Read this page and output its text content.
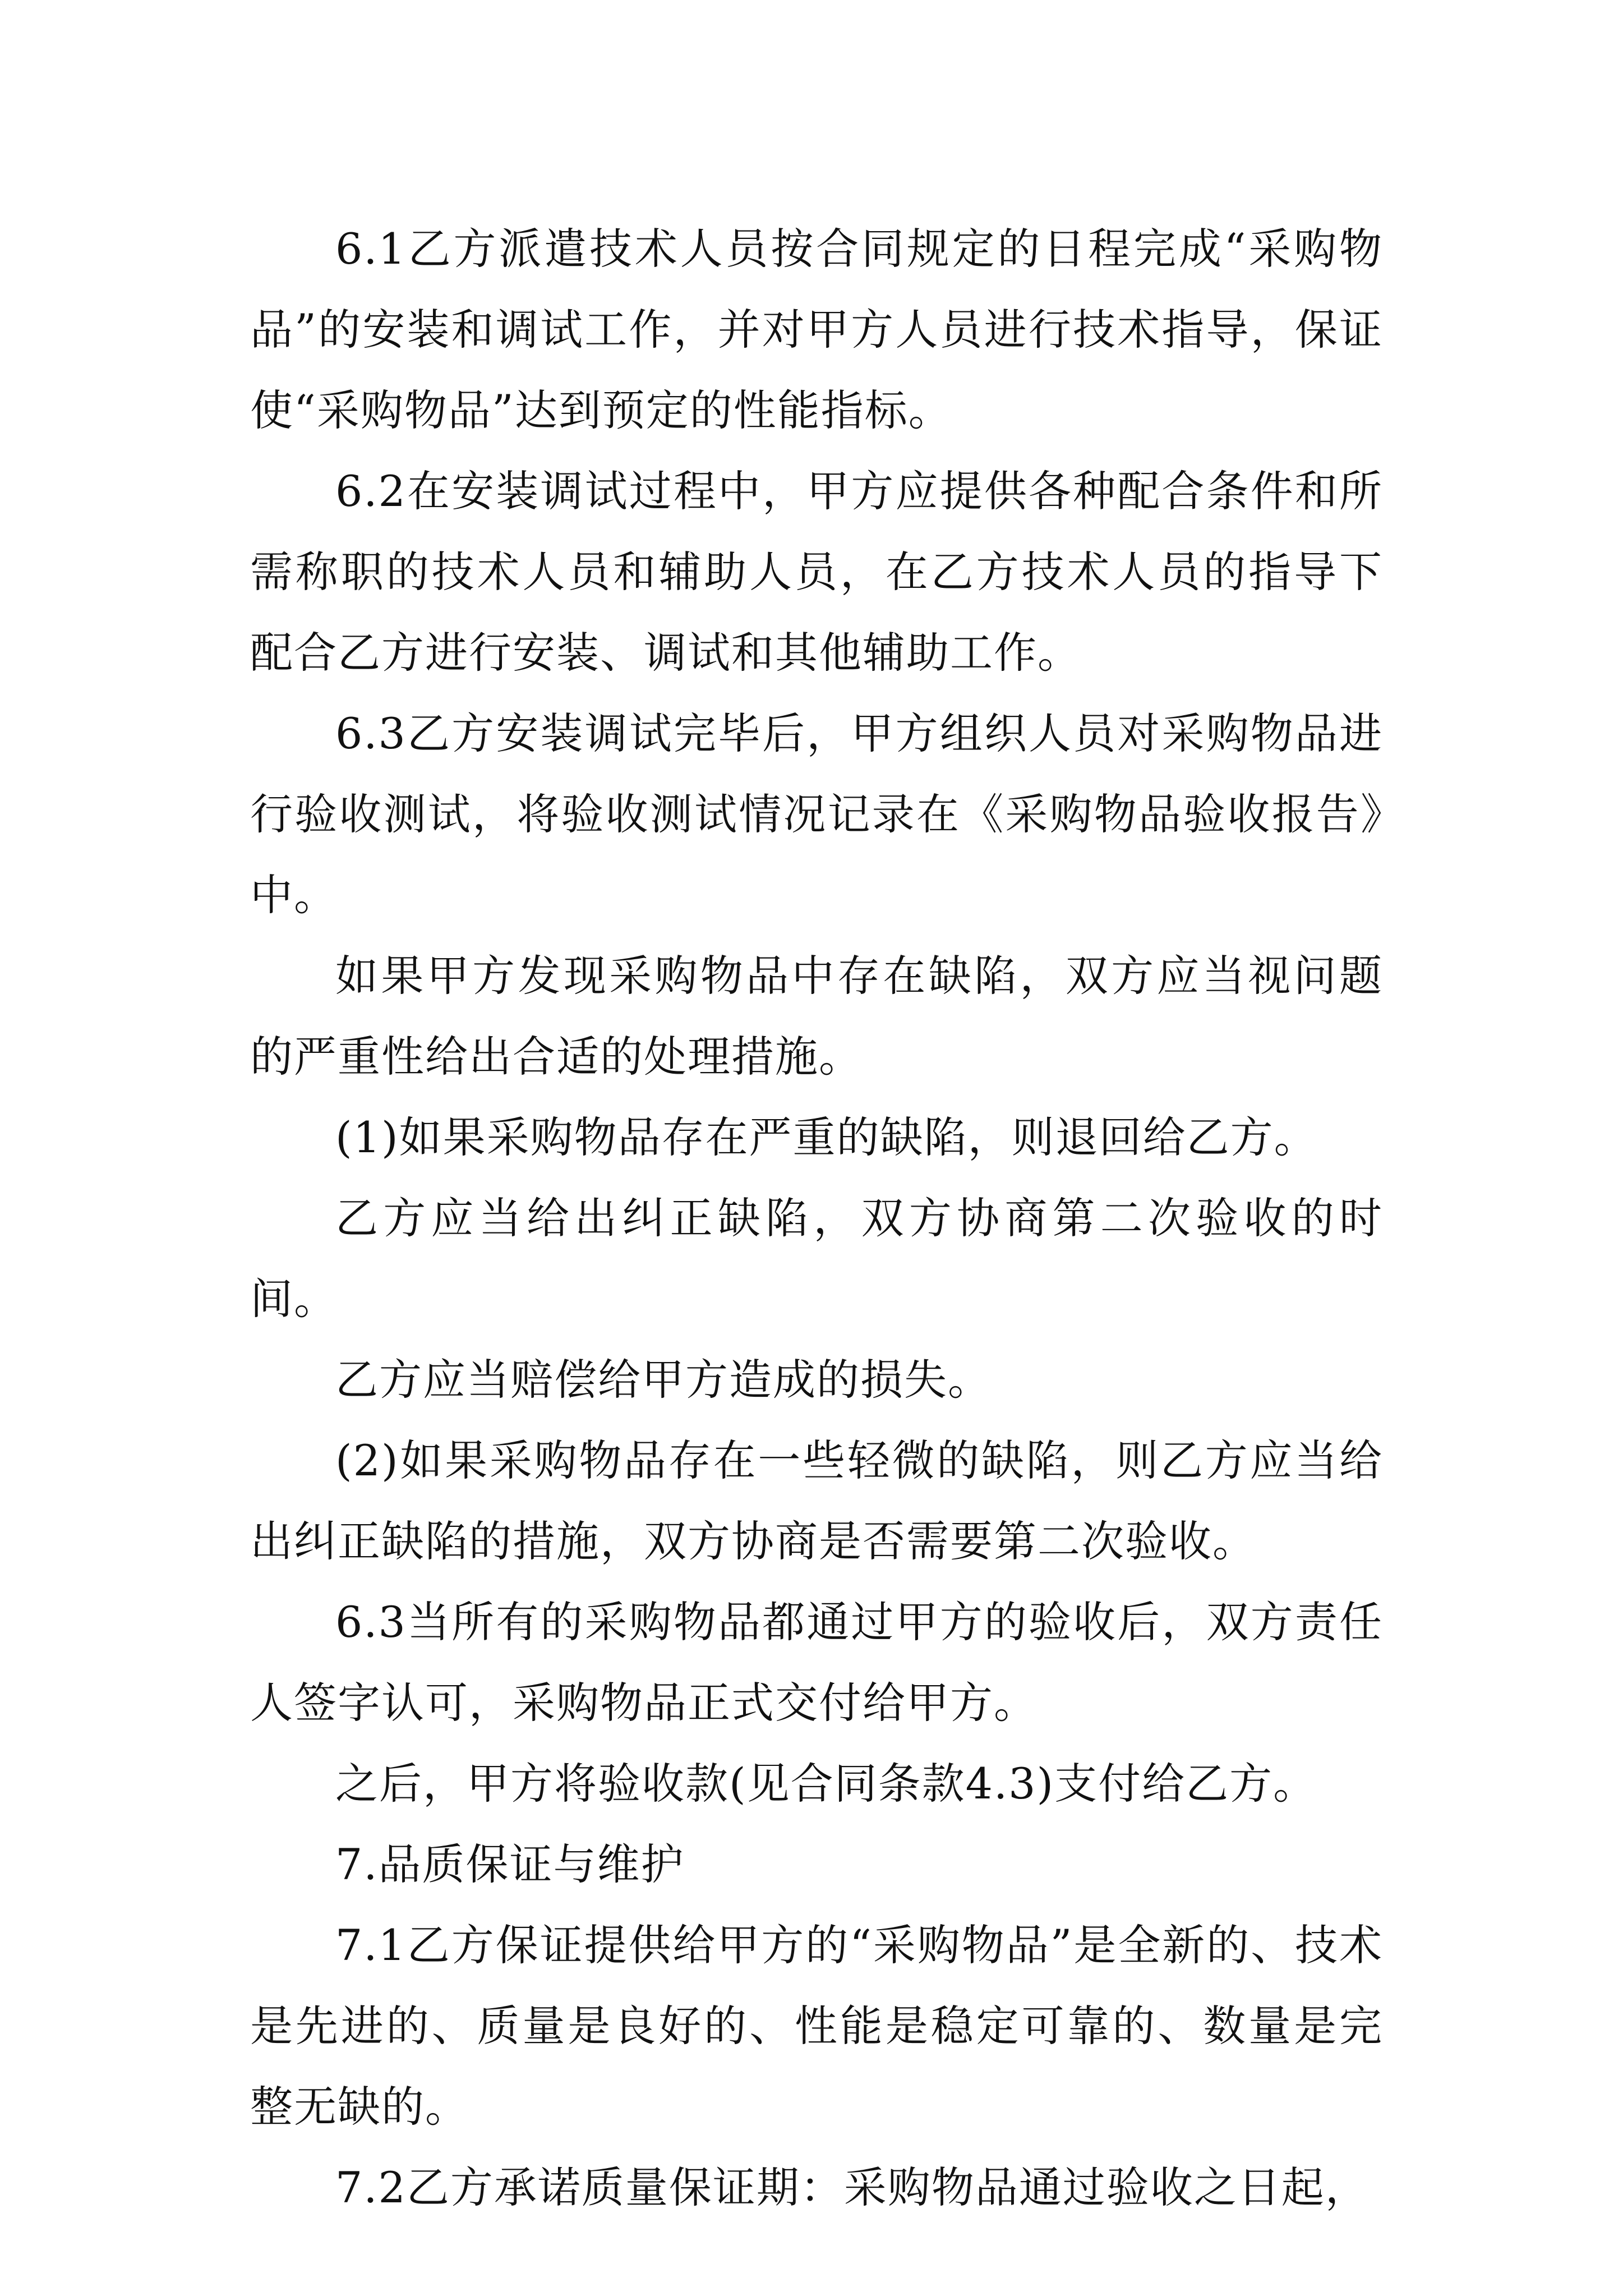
6.1乙方派遣技术人员按合同规定的日程完成“采购物品”的安装和调试工作，并对甲方人员进行技术指导，保证使“采购物品”达到预定的性能指标。

6.2在安装调试过程中，甲方应提供各种配合条件和所需称职的技术人员和辅助人员，在乙方技术人员的指导下配合乙方进行安装、调试和其他辅助工作。

6.3乙方安装调试完毕后，甲方组织人员对采购物品进行验收测试，将验收测试情况记录在《采购物品验收报告》中。

如果甲方发现采购物品中存在缺陷，双方应当视问题的严重性给出合适的处理措施。

(1)如果采购物品存在严重的缺陷，则退回给乙方。

乙方应当给出纠正缺陷，双方协商第二次验收的时间。

乙方应当赔偿给甲方造成的损失。

(2)如果采购物品存在一些轻微的缺陷，则乙方应当给出纠正缺陷的措施，双方协商是否需要第二次验收。

6.3当所有的采购物品都通过甲方的验收后，双方责任人签字认可，采购物品正式交付给甲方。

之后，甲方将验收款(见合同条款4.3)支付给乙方。

7.品质保证与维护

7.1乙方保证提供给甲方的“采购物品”是全新的、技术是先进的、质量是良好的、性能是稳定可靠的、数量是完整无缺的。

7.2乙方承诺质量保证期：采购物品通过验收之日起，
